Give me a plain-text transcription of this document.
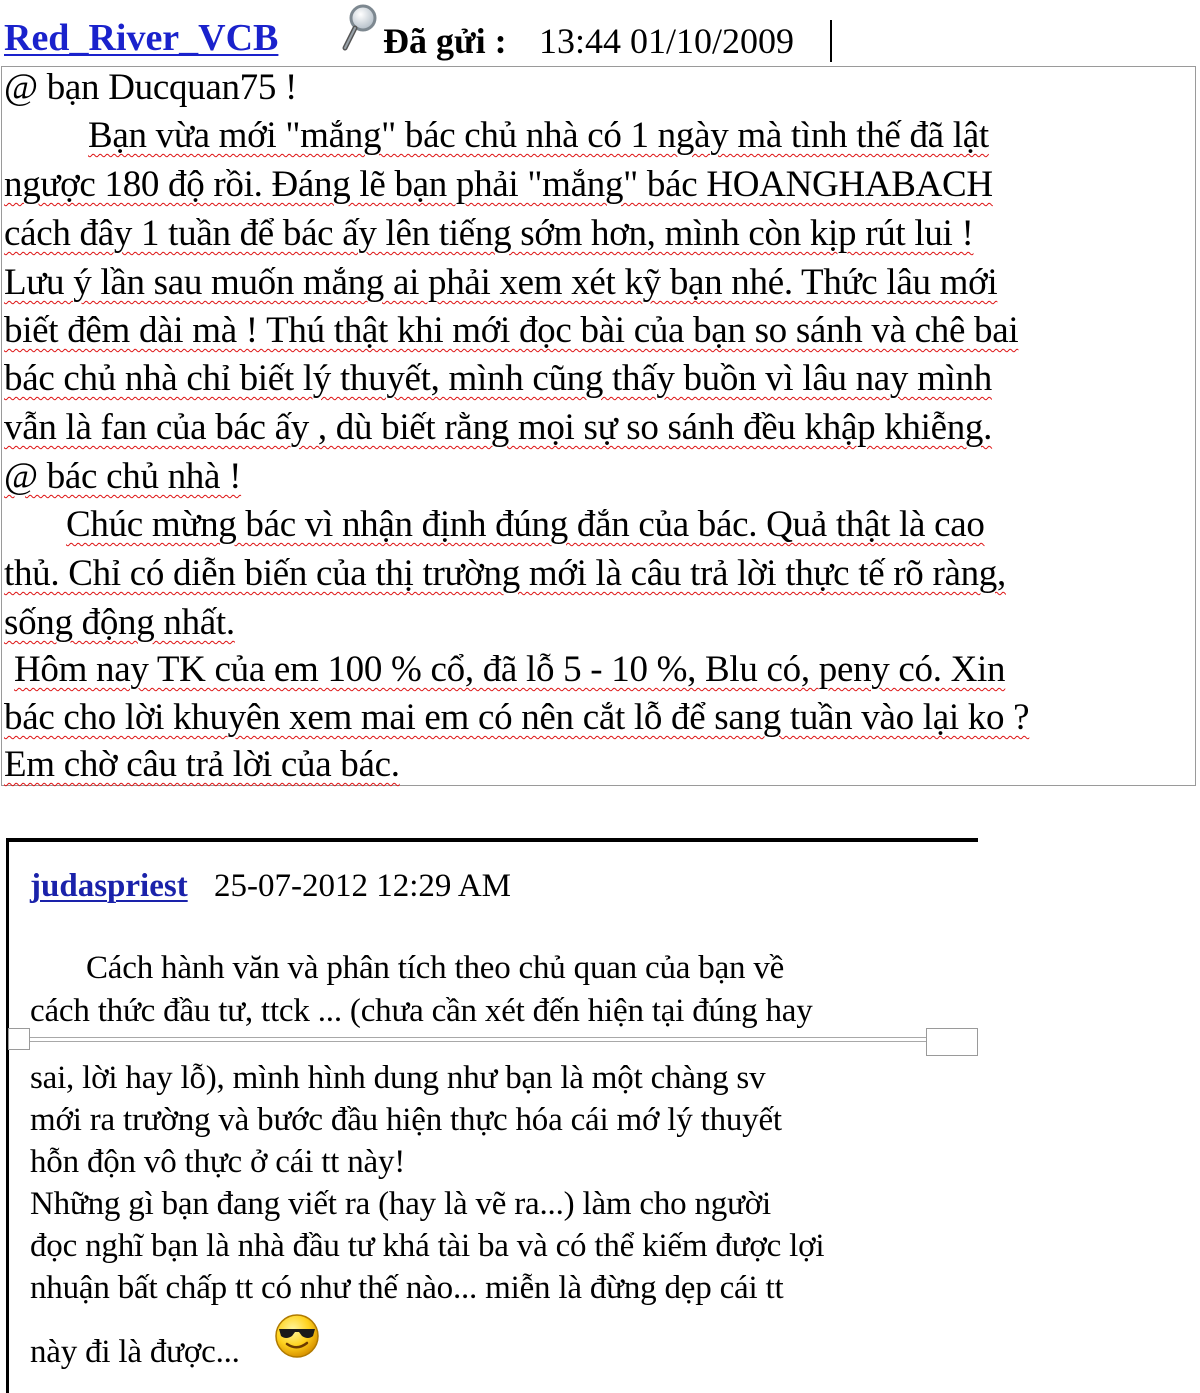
Red_River_VCB	Đã gửi : 13:44 01/10/2009
@ bạn Ducquan75 !
Bạn vừa mới "mắng" bác chủ nhà có 1 ngày mà tình thế đã lật
ngược 180 độ rồi. Đáng lẽ bạn phải "mắng" bác HOANGHABACH
cách đây 1 tuần để bác ấy lên tiếng sớm hơn, mình còn kịp rút lui !
Lưu ý lần sau muốn mắng ai phải xem xét kỹ bạn nhé. Thức lâu mới
biết đêm dài mà ! Thú thật khi mới đọc bài của bạn so sánh và chê bai
bác chủ nhà chỉ biết lý thuyết, mình cũng thấy buồn vì lâu nay mình
vẫn là fan của bác ấy , dù biết rằng mọi sự so sánh đều khập khiễng.
@ bác chủ nhà !
Chúc mừng bác vì nhận định đúng đắn của bác. Quả thật là cao
thủ. Chỉ có diễn biến của thị trường mới là câu trả lời thực tế rõ ràng,
sống động nhất.
Hôm nay TK của em 100 % cổ, đã lỗ 5 - 10 %, Blu có, peny có. Xin
bác cho lời khuyên xem mai em có nên cắt lỗ để sang tuần vào lại ko ?
Em chờ câu trả lời của bác.
judaspriest 25-07-2012 12:29 AM
Cách hành văn và phân tích theo chủ quan của bạn về
cách thức đầu tư, ttck ... (chưa cần xét đến hiện tại đúng hay
sai, lời hay lỗ), mình hình dung như bạn là một chàng sv
mới ra trường và bước đầu hiện thực hóa cái mớ lý thuyết
hỗn độn vô thực ở cái tt này!
Những gì bạn đang viết ra (hay là vẽ ra...) làm cho người
đọc nghĩ bạn là nhà đầu tư khá tài ba và có thể kiếm được lợi
nhuận bất chấp tt có như thế nào... miễn là đừng dẹp cái tt
này đi là được...
